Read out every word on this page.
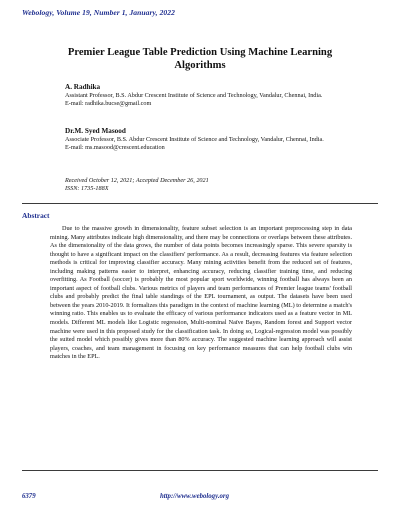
Webology, Volume 19, Number 1, January, 2022
Premier League Table Prediction Using Machine Learning
Algorithms
A. Radhika
Assistant Professor, B.S. Abdur Crescent Institute of Science and Technology, Vandalur, Chennai, India.
E-mail: radhika.bucse@gmail.com
Dr.M. Syed Masood
Associate Professor, B.S. Abdur Crescent Institute of Science and Technology, Vandalur, Chennai, India.
E-mail: ms.masood@crescent.education
Received October 12, 2021; Accepted December 26, 2021
ISSN: 1735-188X
Abstract

Due to the massive growth in dimensionality, feature subset selection is an important preprocessing step in data mining. Many attributes indicate high dimensionality, and there may be connections or overlaps between these attributes. As the dimensionality of the data grows, the number of data points becomes increasingly sparse. This severe sparsity is thought to have a significant impact on the classifiers' performance. As a result, decreasing features via feature selection methods is critical for improving classifier accuracy. Many mining activities benefit from the reduced set of features, including making patterns easier to interpret, enhancing accuracy, reducing classifier training time, and reducing overfitting. As Football (soccer) is probably the most popular sport worldwide, winning football has always been an important aspect of football clubs. Various metrics of players and team performances of Premier league teams' football clubs and probably predict the final table standings of the EPL tournament, as output. The datasets have been used between the years 2010-2019. It formalizes this paradigm in the context of machine learning (ML) to determine a match's winning ratio. This enables us to evaluate the efficacy of various performance indicators used as a feature vector in ML models. Different ML models like Logistic regression, Multi-nominal Naïve Bayes, Random forest and Support vector machine were used in this proposed study for the classification task. In doing so, Logical-regression model was possibly the suited model which possibly gives more than 80% accuracy. The suggested machine learning approach will assist players, coaches, and team management in focusing on key performance measures that can help football clubs win matches in the EPL.

6379	http://www.webology.org
